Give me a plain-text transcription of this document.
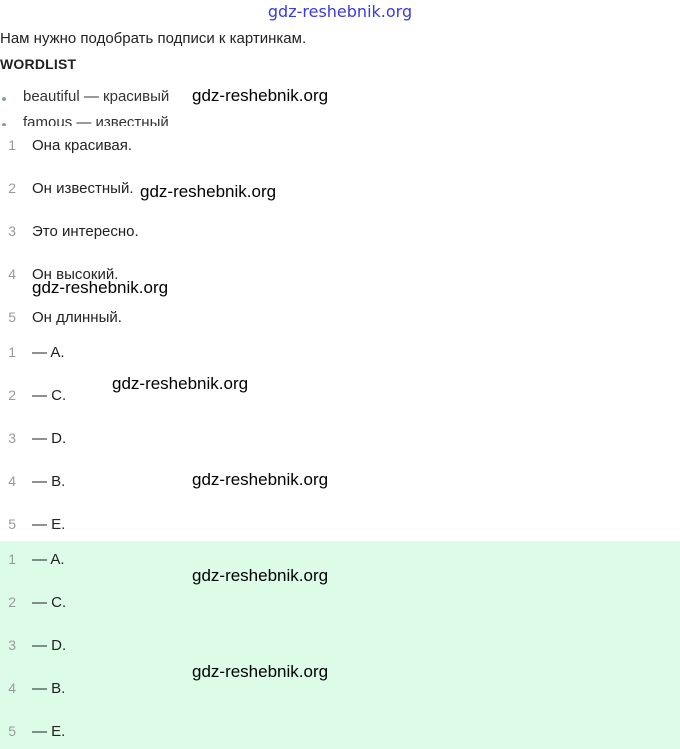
gdz-reshebnik.org
Нам нужно подобрать подписи к картинкам.
WORDLIST
beautiful — красивый
famous — известный
1 Она красивая.
2 Он известный.
3 Это интересно.
4 Он высокий.
5 Он длинный.
1 — A.
2 — C.
3 — D.
4 — B.
5 — E.
1 — A.
2 — C.
3 — D.
4 — B.
5 — E.
gdz-reshebnik.org
gdz-reshebnik.org
gdz-reshebnik.org
gdz-reshebnik.org
gdz-reshebnik.org
gdz-reshebnik.org
gdz-reshebnik.org
